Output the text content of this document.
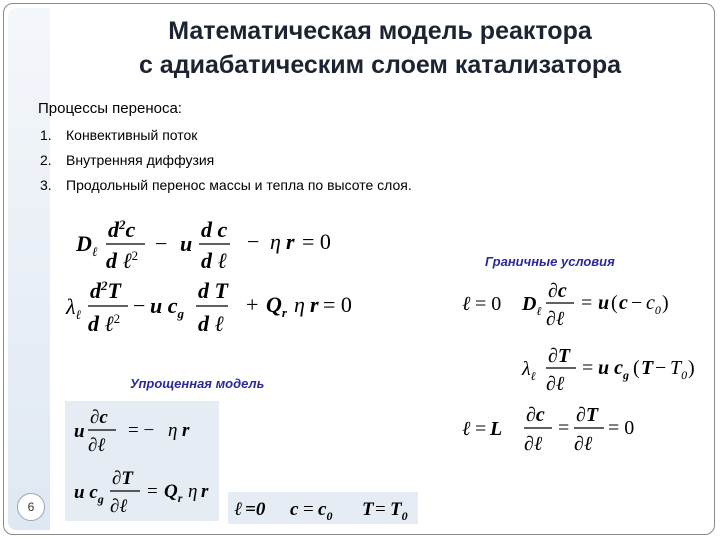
Математическая модель реактора
с адиабатическим слоем катализатора
Процессы переноса:
1. Конвективный поток
2. Внутренняя диффузия
3. Продольный перенос массы и тепла по высоте слоя.
Граничные условия
Упрощенная модель
6
$D_\ell$
$d^2c$
d ℓ$^2$ − u
d c
d ℓ
− η r = 0
$\lambda_\ell$
$d^2T$
d ℓ$^2$
− u $c_g$
d T
d ℓ
+ $Q_r$ η r = 0	ℓ = 0 $D_\ell$
∂c
∂ℓ
= u ( $c - c_0$ )
$\lambda_\ell$
∂T
∂ℓ
= u $c_g$ ( $T - T_0$ )
ℓ = L
∂c
∂ℓ
=
∂T
∂ℓ
= 0
u
∂c
∂ℓ
= − η r
u $c_g$
∂T
∂ℓ
= $Q_r$ η r
ℓ =0 $c = c_0$ $T = T_0$
